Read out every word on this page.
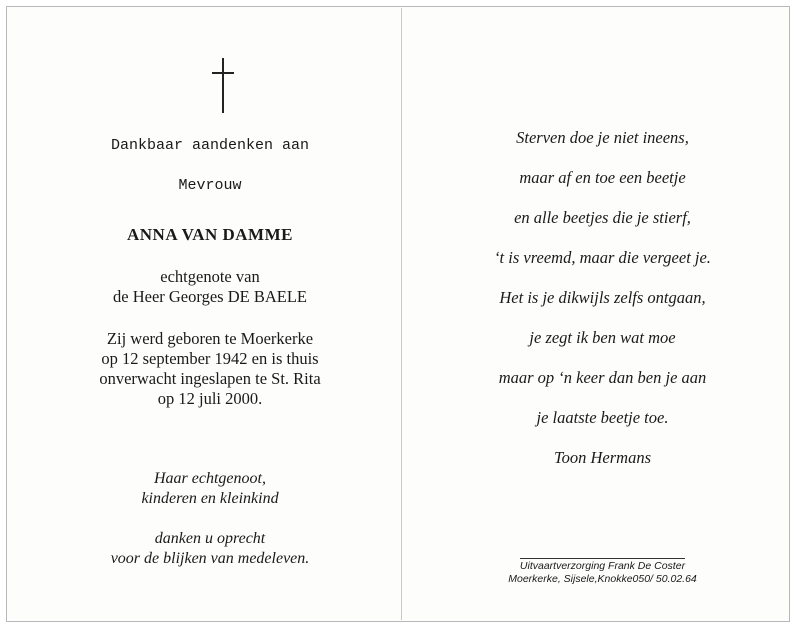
Dankbaar aandenken aan
Mevrouw
ANNA VAN DAMME
echtgenote van
de Heer Georges DE BAELE
Zij werd geboren te Moerkerke
op 12 september 1942 en is thuis
onverwacht ingeslapen te St. Rita
op 12 juli 2000.
Haar echtgenoot,
kinderen en kleinkind
danken u oprecht
voor de blijken van medeleven.
Sterven doe je niet ineens,
maar af en toe een beetje
en alle beetjes die je stierf,
‘t is vreemd, maar die vergeet je.
Het is je dikwijls zelfs ontgaan,
je zegt ik ben wat moe
maar op ‘n keer dan ben je aan
je laatste beetje toe.
Toon Hermans
Uitvaartverzorging Frank De Coster
Moerkerke, Sijsele,Knokke050/ 50.02.64
